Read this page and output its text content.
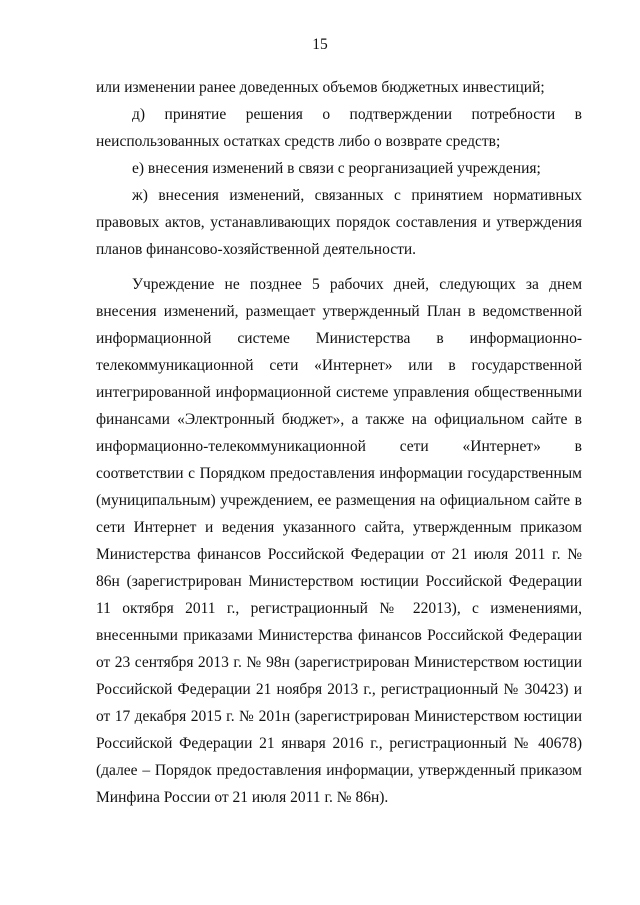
15

или изменении ранее доведенных объемов бюджетных инвестиций;

д) принятие решения о подтверждении потребности в неиспользованных остатках средств либо о возврате средств;

е) внесения изменений в связи с реорганизацией учреждения;

ж) внесения изменений, связанных с принятием нормативных правовых актов, устанавливающих порядок составления и утверждения планов финансово-хозяйственной деятельности.

Учреждение не позднее 5 рабочих дней, следующих за днем внесения изменений, размещает утвержденный План в ведомственной информационной системе Министерства в информационно-телекоммуникационной сети «Интернет» или в государственной интегрированной информационной системе управления общественными финансами «Электронный бюджет», а также на официальном сайте в информационно-телекоммуникационной сети «Интернет» в соответствии с Порядком предоставления информации государственным (муниципальным) учреждением, ее размещения на официальном сайте в сети Интернет и ведения указанного сайта, утвержденным приказом Министерства финансов Российской Федерации от 21 июля 2011 г. № 86н (зарегистрирован Министерством юстиции Российской Федерации 11 октября 2011 г., регистрационный № 22013), с изменениями, внесенными приказами Министерства финансов Российской Федерации от 23 сентября 2013 г. № 98н (зарегистрирован Министерством юстиции Российской Федерации 21 ноября 2013 г., регистрационный № 30423) и от 17 декабря 2015 г. № 201н (зарегистрирован Министерством юстиции Российской Федерации 21 января 2016 г., регистрационный № 40678) (далее – Порядок предоставления информации, утвержденный приказом Минфина России от 21 июля 2011 г. № 86н).
